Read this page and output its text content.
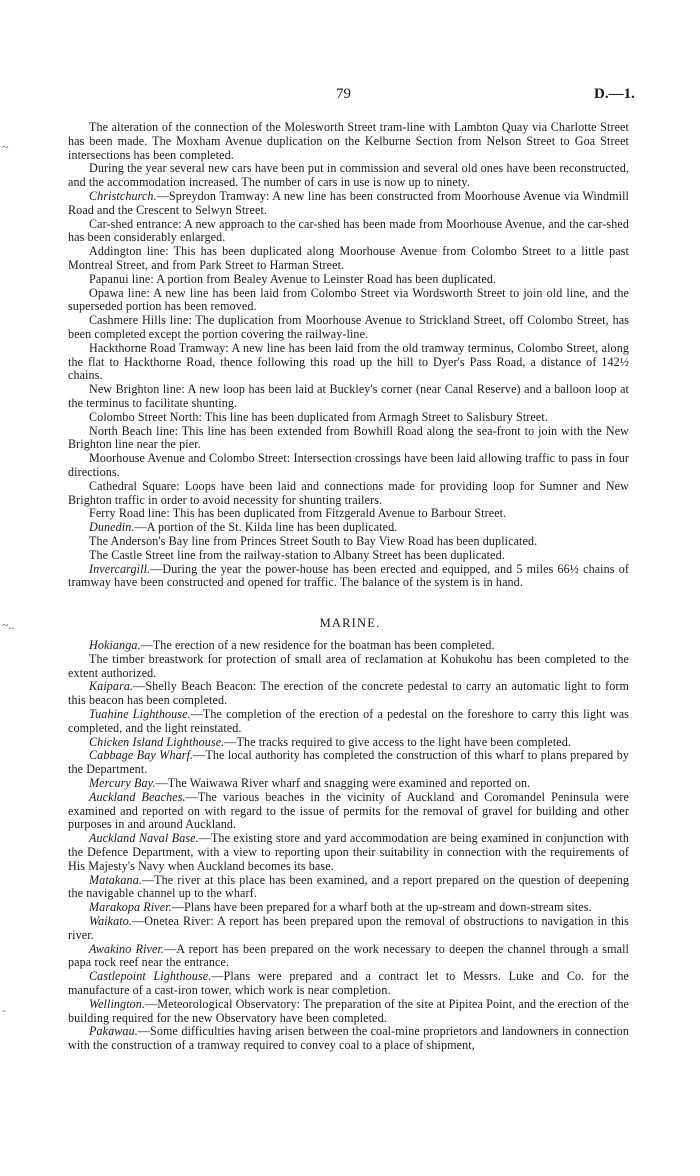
79	D.—1.
~
~..
-

The alteration of the connection of the Molesworth Street tram-line with Lambton Quay via Charlotte Street has been made. The Moxham Avenue duplication on the Kelburne Section from Nelson Street to Goa Street intersections has been completed.

During the year several new cars have been put in commission and several old ones have been reconstructed, and the accommodation increased. The number of cars in use is now up to ninety.

Christchurch.—Spreydon Tramway: A new line has been constructed from Moorhouse Avenue via Windmill Road and the Crescent to Selwyn Street.

Car-shed entrance: A new approach to the car-shed has been made from Moorhouse Avenue, and the car-shed has been considerably enlarged.

Addington line: This has been duplicated along Moorhouse Avenue from Colombo Street to a little past Montreal Street, and from Park Street to Harman Street.

Papanui line: A portion from Bealey Avenue to Leinster Road has been duplicated.

Opawa line: A new line has been laid from Colombo Street via Wordsworth Street to join old line, and the superseded portion has been removed.

Cashmere Hills line: The duplication from Moorhouse Avenue to Strickland Street, off Colombo Street, has been completed except the portion covering the railway-line.

Hackthorne Road Tramway: A new line has been laid from the old tramway terminus, Colombo Street, along the flat to Hackthorne Road, thence following this road up the hill to Dyer's Pass Road, a distance of 142½ chains.

New Brighton line: A new loop has been laid at Buckley's corner (near Canal Reserve) and a balloon loop at the terminus to facilitate shunting.

Colombo Street North: This line has been duplicated from Armagh Street to Salisbury Street.

North Beach line: This line has been extended from Bowhill Road along the sea-front to join with the New Brighton line near the pier.

Moorhouse Avenue and Colombo Street: Intersection crossings have been laid allowing traffic to pass in four directions.

Cathedral Square: Loops have been laid and connections made for providing loop for Sumner and New Brighton traffic in order to avoid necessity for shunting trailers.

Ferry Road line: This has been duplicated from Fitzgerald Avenue to Barbour Street.

Dunedin.—A portion of the St. Kilda line has been duplicated.

The Anderson's Bay line from Princes Street South to Bay View Road has been duplicated.

The Castle Street line from the railway-station to Albany Street has been duplicated.

Invercargill.—During the year the power-house has been erected and equipped, and 5 miles 66½ chains of tramway have been constructed and opened for traffic. The balance of the system is in hand.

MARINE.

Hokianga.—The erection of a new residence for the boatman has been completed.

The timber breastwork for protection of small area of reclamation at Kohukohu has been completed to the extent authorized.

Kaipara.—Shelly Beach Beacon: The erection of the concrete pedestal to carry an automatic light to form this beacon has been completed.

Tuahine Lighthouse.—The completion of the erection of a pedestal on the foreshore to carry this light was completed, and the light reinstated.

Chicken Island Lighthouse.—The tracks required to give access to the light have been completed.

Cabbage Bay Wharf.—The local authority has completed the construction of this wharf to plans prepared by the Department.

Mercury Bay.—The Waiwawa River wharf and snagging were examined and reported on.

Auckland Beaches.—The various beaches in the vicinity of Auckland and Coromandel Peninsula were examined and reported on with regard to the issue of permits for the removal of gravel for building and other purposes in and around Auckland.

Auckland Naval Base.—The existing store and yard accommodation are being examined in conjunction with the Defence Department, with a view to reporting upon their suitability in connection with the requirements of His Majesty's Navy when Auckland becomes its base.

Matakana.—The river at this place has been examined, and a report prepared on the question of deepening the navigable channel up to the wharf.

Marakopa River.—Plans have been prepared for a wharf both at the up-stream and down-stream sites.

Waikato.—Onetea River: A report has been prepared upon the removal of obstructions to navigation in this river.

Awakino River.—A report has been prepared on the work necessary to deepen the channel through a small papa rock reef near the entrance.

Castlepoint Lighthouse.—Plans were prepared and a contract let to Messrs. Luke and Co. for the manufacture of a cast-iron tower, which work is near completion.

Wellington.—Meteorological Observatory: The preparation of the site at Pipitea Point, and the erection of the building required for the new Observatory have been completed.

Pakawau.—Some difficulties having arisen between the coal-mine proprietors and landowners in connection with the construction of a tramway required to convey coal to a place of shipment,
